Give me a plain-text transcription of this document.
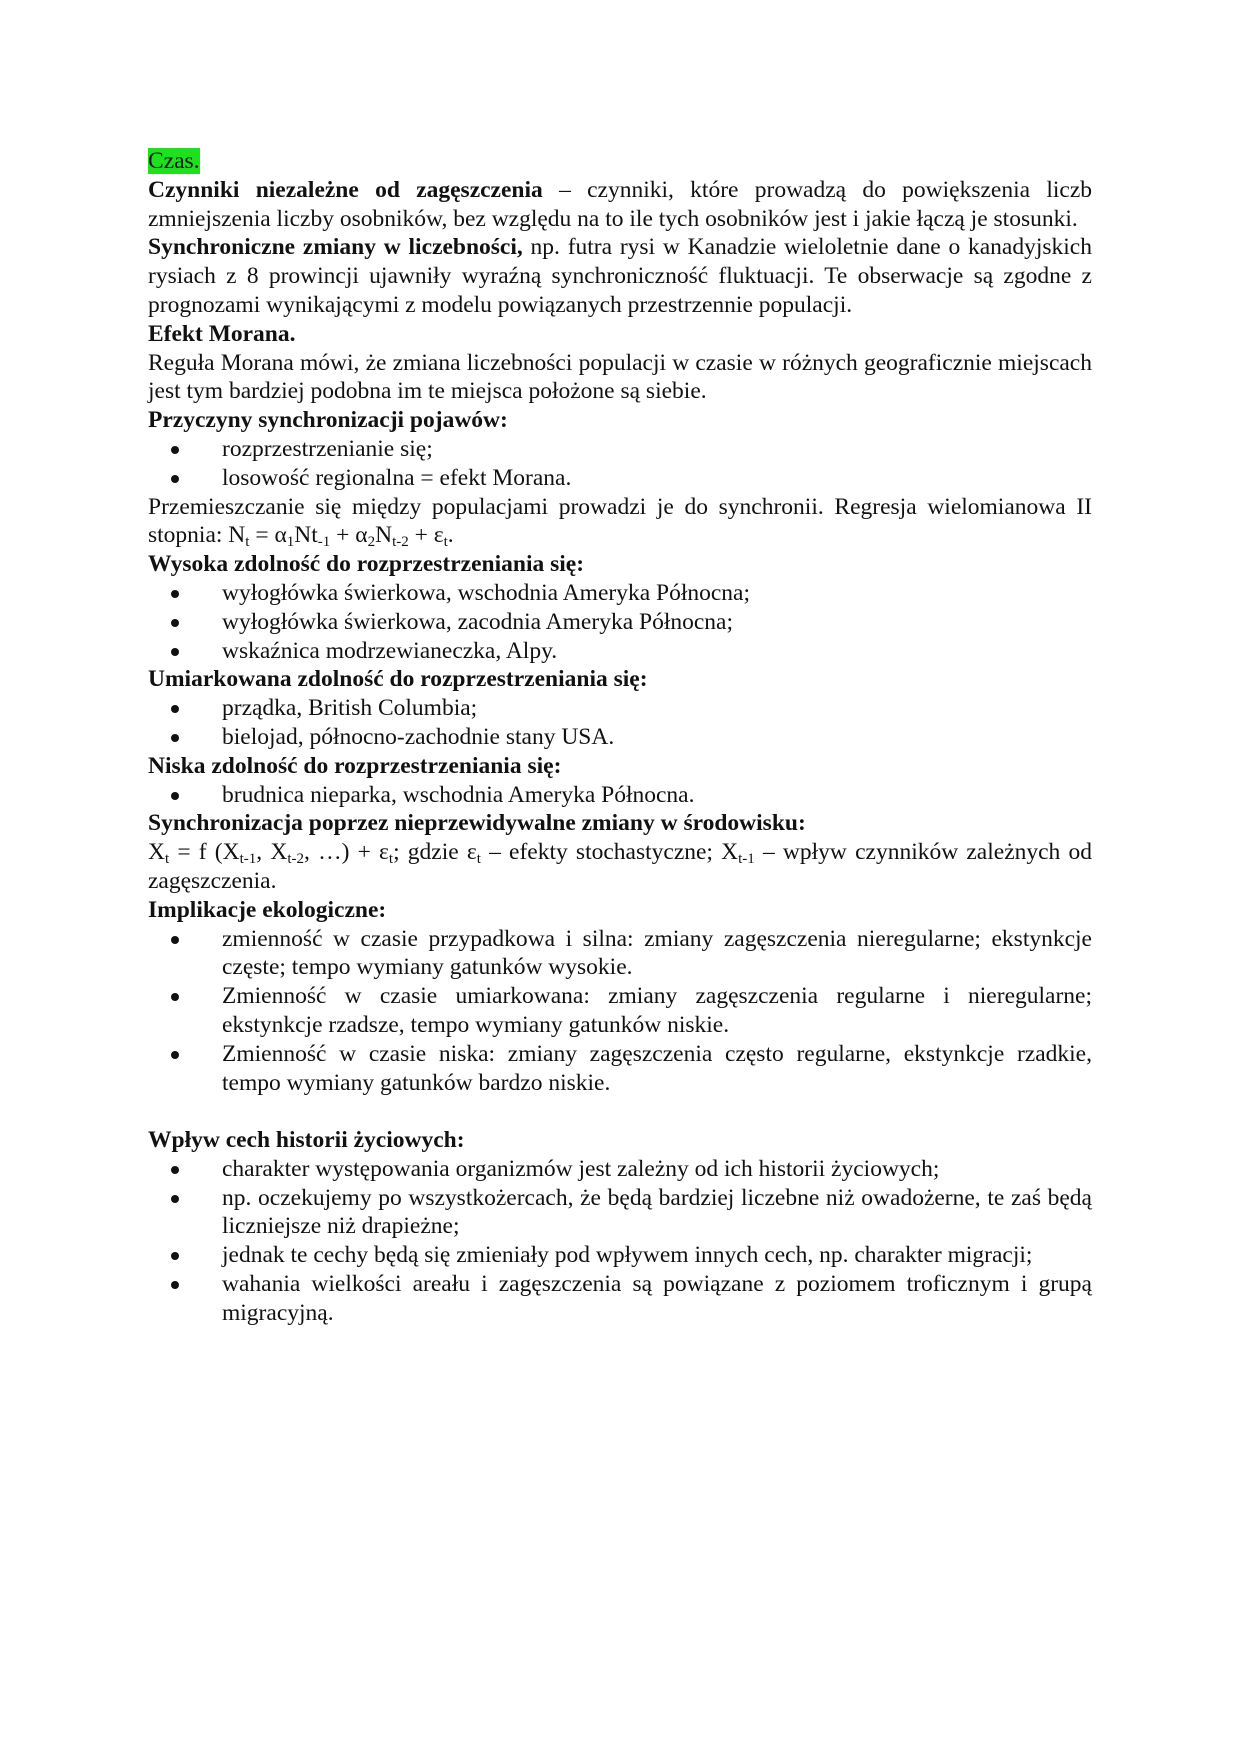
Czas.

Czynniki niezależne od zagęszczenia – czynniki, które prowadzą do powiększenia liczb zmniejszenia liczby osobników, bez względu na to ile tych osobników jest i jakie łączą je stosunki.

Synchroniczne zmiany w liczebności, np. futra rysi w Kanadzie wieloletnie dane o kanadyjskich rysiach z 8 prowincji ujawniły wyraźną synchroniczność fluktuacji. Te obserwacje są zgodne z prognozami wynikającymi z modelu powiązanych przestrzennie populacji.

Efekt Morana.

Reguła Morana mówi, że zmiana liczebności populacji w czasie w różnych geograficznie miejscach jest tym bardziej podobna im te miejsca położone są siebie.

Przyczyny synchronizacji pojawów:

rozprzestrzenianie się;
losowość regionalna = efekt Morana.

Przemieszczanie się między populacjami prowadzi je do synchronii. Regresja wielomianowa II stopnia: $N_t = \alpha_1Nt_{-1} + \alpha_2N_{t-2} + \varepsilon_t$.

Wysoka zdolność do rozprzestrzeniania się:

wyłogłówka świerkowa, wschodnia Ameryka Północna;
wyłogłówka świerkowa, zacodnia Ameryka Północna;
wskaźnica modrzewianeczka, Alpy.

Umiarkowana zdolność do rozprzestrzeniania się:

prządka, British Columbia;
bielojad, północno-zachodnie stany USA.

Niska zdolność do rozprzestrzeniania się:

brudnica nieparka, wschodnia Ameryka Północna.

Synchronizacja poprzez nieprzewidywalne zmiany w środowisku:

$X_t = f$ ($X_{t-1}$, $X_{t-2}$, …) + $\varepsilon_t$; gdzie $\varepsilon_t$ – efekty stochastyczne; $X_{t-1}$ – wpływ czynników zależnych od zagęszczenia.

Implikacje ekologiczne:

zmienność w czasie przypadkowa i silna: zmiany zagęszczenia nieregularne; ekstynkcje częste; tempo wymiany gatunków wysokie.
Zmienność w czasie umiarkowana: zmiany zagęszczenia regularne i nieregularne; ekstynkcje rzadsze, tempo wymiany gatunków niskie.
Zmienność w czasie niska: zmiany zagęszczenia często regularne, ekstynkcje rzadkie, tempo wymiany gatunków bardzo niskie.

Wpływ cech historii życiowych:

charakter występowania organizmów jest zależny od ich historii życiowych;
np. oczekujemy po wszystkożercach, że będą bardziej liczebne niż owadożerne, te zaś będą liczniejsze niż drapieżne;
jednak te cechy będą się zmieniały pod wpływem innych cech, np. charakter migracji;
wahania wielkości areału i zagęszczenia są powiązane z poziomem troficznym i grupą migracyjną.
